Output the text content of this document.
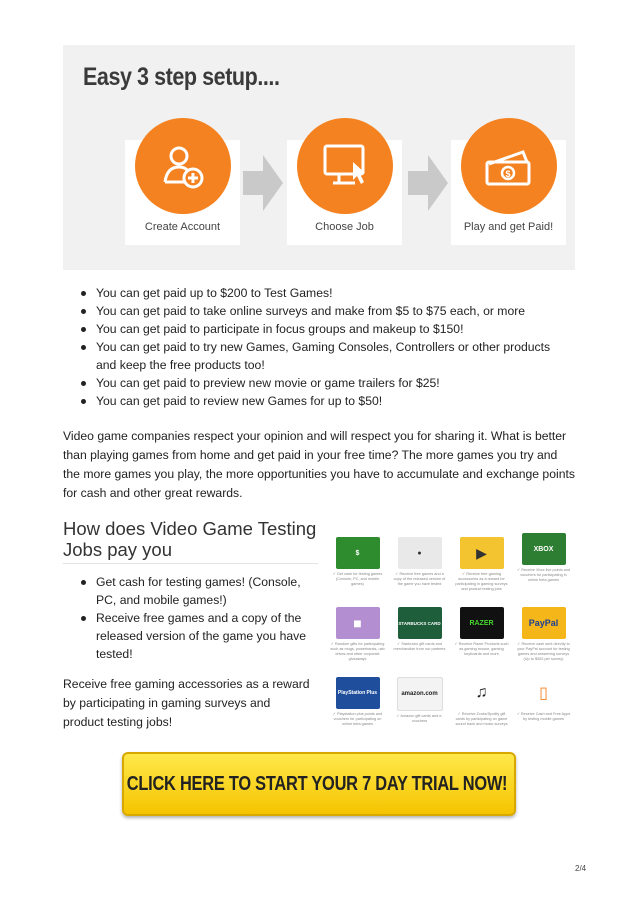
Easy 3 step setup....
Create Account	Choose Job
$
Play and get Paid!
You can get paid up to $200 to Test Games!
You can get paid to take online surveys and make from $5 to $75 each, or more
You can get paid to participate in focus groups and makeup to $150!
You can get paid to try new Games, Gaming Consoles, Controllers or other products and keep the free products too!
You can get paid to preview new movie or game trailers for $25!
You can get paid to review new Games for up to $50!
Video game companies respect your opinion and will respect you for sharing it. What is better than playing games from home and get paid in your free time? The more games you try and the more games you play, the more opportunities you have to accumulate and exchange points for cash and other great rewards.
How does Video Game Testing Jobs pay you
Get cash for testing games! (Console, PC, and mobile games!)
Receive free games and a copy of the released version of the game you have tested!
Receive free gaming accessories as a reward by participating in gaming surveys and product testing jobs!
$
✓ Get cash for testing games (Console, PC, and mobile games)
●
✓ Receive free games and a copy of the released version of the game you have tested
▶
✓ Receive free gaming accessories as a reward for participating in gaming surveys and product testing jobs
XBOX
✓ Receive Xbox live points and vouchers for participating in online beta games
■
✓ Random gifts for participating such as mugs, powerbanks, usb drives and other corporate giveaways
STARBUCKS CARD
✓ Starbucks gift cards and merchandise from our partners
RAZER
✓ Receive Razer Products such as gaming mouse, gaming keyboards and more
PayPal
✓ Receive cash sent directly to your PayPal account for testing games and answering surveys (Up to $300 per survey)
PlayStation Plus
✓ Playstation plus points and vouchers for participating on online beta games
amazon.com
✓ Amazon gift cards and e-vouchers
♫
✓ Receive Zvuks/Spotify gift cards by participating on game sound track and music surveys
▯
✓ Receive Cash and Free Apps by testing mobile games
CLICK HERE TO START YOUR 7 DAY TRIAL NOW!
2/4
